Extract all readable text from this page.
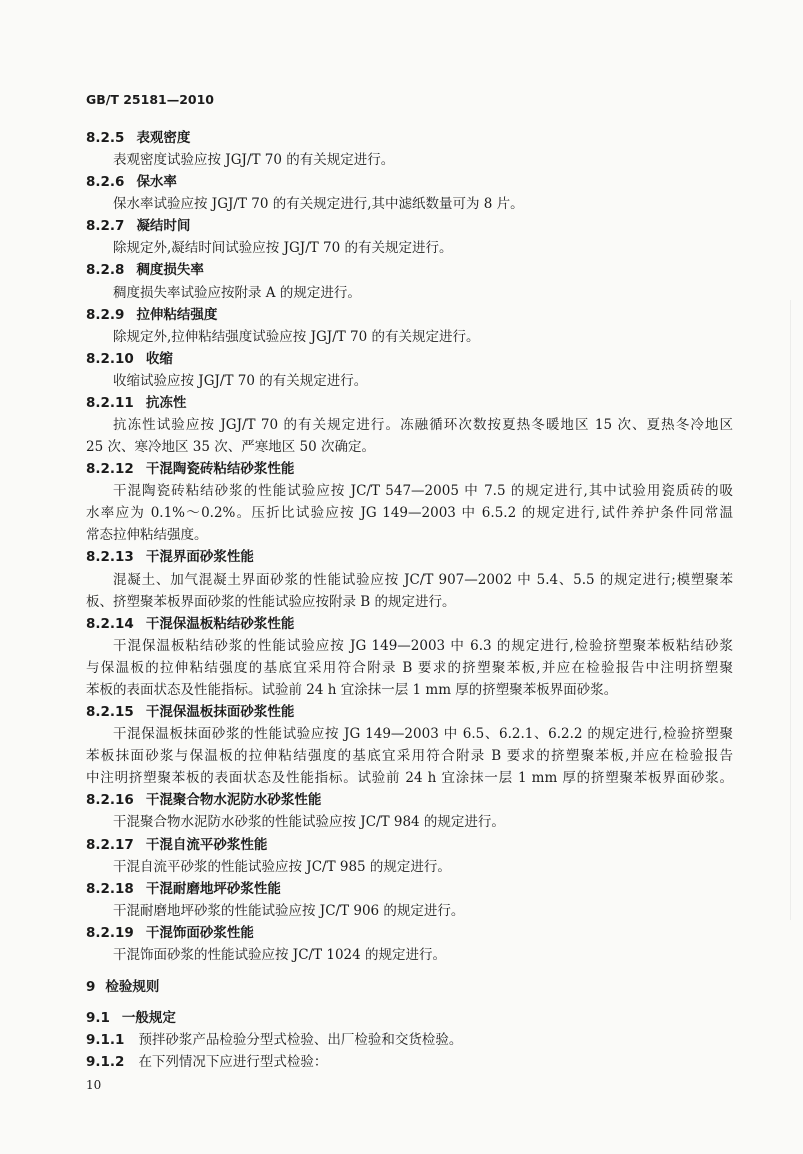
GB/T 25181—2010
8.2.5 表观密度
表观密度试验应按 JGJ/T 70 的有关规定进行。
8.2.6 保水率
保水率试验应按 JGJ/T 70 的有关规定进行,其中滤纸数量可为 8 片。
8.2.7 凝结时间
除规定外,凝结时间试验应按 JGJ/T 70 的有关规定进行。
8.2.8 稠度损失率
稠度损失率试验应按附录 A 的规定进行。
8.2.9 拉伸粘结强度
除规定外,拉伸粘结强度试验应按 JGJ/T 70 的有关规定进行。
8.2.10 收缩
收缩试验应按 JGJ/T 70 的有关规定进行。
8.2.11 抗冻性
抗冻性试验应按 JGJ/T 70 的有关规定进行。冻融循环次数按夏热冬暖地区 15 次、夏热冬冷地区
25 次、寒冷地区 35 次、严寒地区 50 次确定。
8.2.12 干混陶瓷砖粘结砂浆性能
干混陶瓷砖粘结砂浆的性能试验应按 JC/T 547—2005 中 7.5 的规定进行,其中试验用瓷质砖的吸
水率应为 0.1%～0.2%。压折比试验应按 JG 149—2003 中 6.5.2 的规定进行,试件养护条件同常温
常态拉伸粘结强度。
8.2.13 干混界面砂浆性能
混凝土、加气混凝土界面砂浆的性能试验应按 JC/T 907—2002 中 5.4、5.5 的规定进行;模塑聚苯
板、挤塑聚苯板界面砂浆的性能试验应按附录 B 的规定进行。
8.2.14 干混保温板粘结砂浆性能
干混保温板粘结砂浆的性能试验应按 JG 149—2003 中 6.3 的规定进行,检验挤塑聚苯板粘结砂浆
与保温板的拉伸粘结强度的基底宜采用符合附录 B 要求的挤塑聚苯板,并应在检验报告中注明挤塑聚
苯板的表面状态及性能指标。试验前 24 h 宜涂抹一层 1 mm 厚的挤塑聚苯板界面砂浆。
8.2.15 干混保温板抹面砂浆性能
干混保温板抹面砂浆的性能试验应按 JG 149—2003 中 6.5、6.2.1、6.2.2 的规定进行,检验挤塑聚
苯板抹面砂浆与保温板的拉伸粘结强度的基底宜采用符合附录 B 要求的挤塑聚苯板,并应在检验报告
中注明挤塑聚苯板的表面状态及性能指标。试验前 24 h 宜涂抹一层 1 mm 厚的挤塑聚苯板界面砂浆。
8.2.16 干混聚合物水泥防水砂浆性能
干混聚合物水泥防水砂浆的性能试验应按 JC/T 984 的规定进行。
8.2.17 干混自流平砂浆性能
干混自流平砂浆的性能试验应按 JC/T 985 的规定进行。
8.2.18 干混耐磨地坪砂浆性能
干混耐磨地坪砂浆的性能试验应按 JC/T 906 的规定进行。
8.2.19 干混饰面砂浆性能
干混饰面砂浆的性能试验应按 JC/T 1024 的规定进行。
9 检验规则
9.1 一般规定
9.1.1 预拌砂浆产品检验分型式检验、出厂检验和交货检验。
9.1.2 在下列情况下应进行型式检验：
10
